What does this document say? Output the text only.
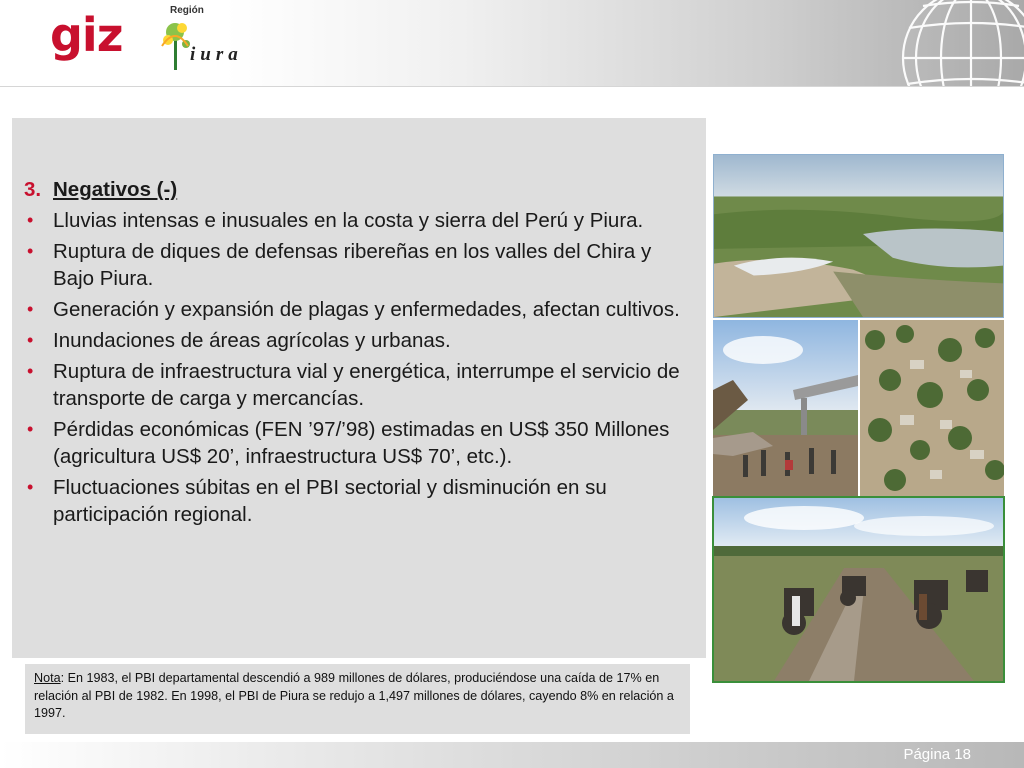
giz	Región
iura
3. Negativos (-)
• Lluvias intensas e inusuales en la costa y sierra del Perú y Piura.
• Ruptura de diques de defensas ribereñas en los valles del Chira y Bajo Piura.
• Generación y expansión de plagas y enfermedades, afectan cultivos.
• Inundaciones de áreas agrícolas y urbanas.
• Ruptura de infraestructura vial y energética, interrumpe el servicio de transporte de carga y mercancías.
• Pérdidas económicas (FEN ’97/’98) estimadas en US$ 350 Millones (agricultura US$ 20’, infraestructura US$ 70’, etc.).
• Fluctuaciones súbitas en el PBI sectorial y disminución en su participación regional.
Nota: En 1983, el PBI departamental descendió a 989 millones de dólares, produciéndose una caída de 17% en relación al PBI de 1982. En 1998, el PBI de Piura se redujo a 1,497 millones de dólares, cayendo 8% en relación a 1997.
Página 18
